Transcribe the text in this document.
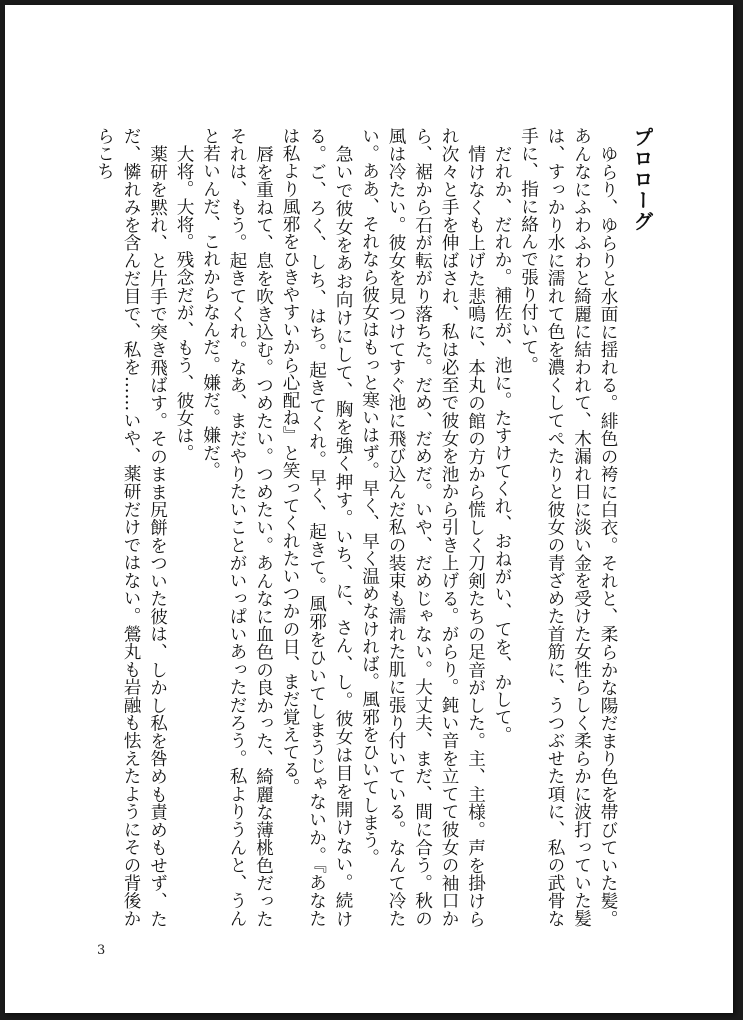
プロローグ

ゆらり、ゆらりと水面に揺れる。緋色の袴に白衣。それと、柔らかな陽だまり色を帯びていた髪。あんなにふわふわと綺麗に結われて、木漏れ日に淡い金を受けた女性らしく柔らかに波打っていた髪は、すっかり水に濡れて色を濃くしてぺたりと彼女の青ざめた首筋に、うつぶせた項に、私の武骨な手に、指に絡んで張り付いて。

だれか、だれか。補佐が、池に。たすけてくれ、おねがい、てを、かして。

情けなくも上げた悲鳴に、本丸の館の方から慌しく刀剣たちの足音がした。主、主様。声を掛けられ次々と手を伸ばされ、私は必至で彼女を池から引き上げる。がらり。鈍い音を立てて彼女の袖口から、裾から石が転がり落ちた。だめ、だめだ。いや、だめじゃない。大丈夫、まだ、間に合う。秋の風は冷たい。彼女を見つけてすぐ池に飛び込んだ私の装束も濡れた肌に張り付いている。なんて冷たい。ああ、それなら彼女はもっと寒いはず。早く、早く温めなければ。風邪をひいてしまう。

急いで彼女をあお向けにして、胸を強く押す。いち、に、さん、し。彼女は目を開けない。続ける。ご、ろく、しち、はち。起きてくれ。早く、起きて。風邪をひいてしまうじゃないか。『あなたは私より風邪をひきやすいから心配ね』と笑ってくれたいつかの日、まだ覚えてる。

唇を重ねて、息を吹き込む。つめたい。つめたい。あんなに血色の良かった、綺麗な薄桃色だったそれは、もう。起きてくれ。なあ、まだやりたいことがいっぱいあっただろう。私よりうんと、うんと若いんだ、これからなんだ。嫌だ。嫌だ。

大将。大将。残念だが、もう、彼女は。

薬研を黙れ、と片手で突き飛ばす。そのまま尻餅をついた彼は、しかし私を咎めも責めもせず、ただ、憐れみを含んだ目で、私を……いや、薬研だけではない。鶯丸も岩融も怯えたようにその背後からこち

3
